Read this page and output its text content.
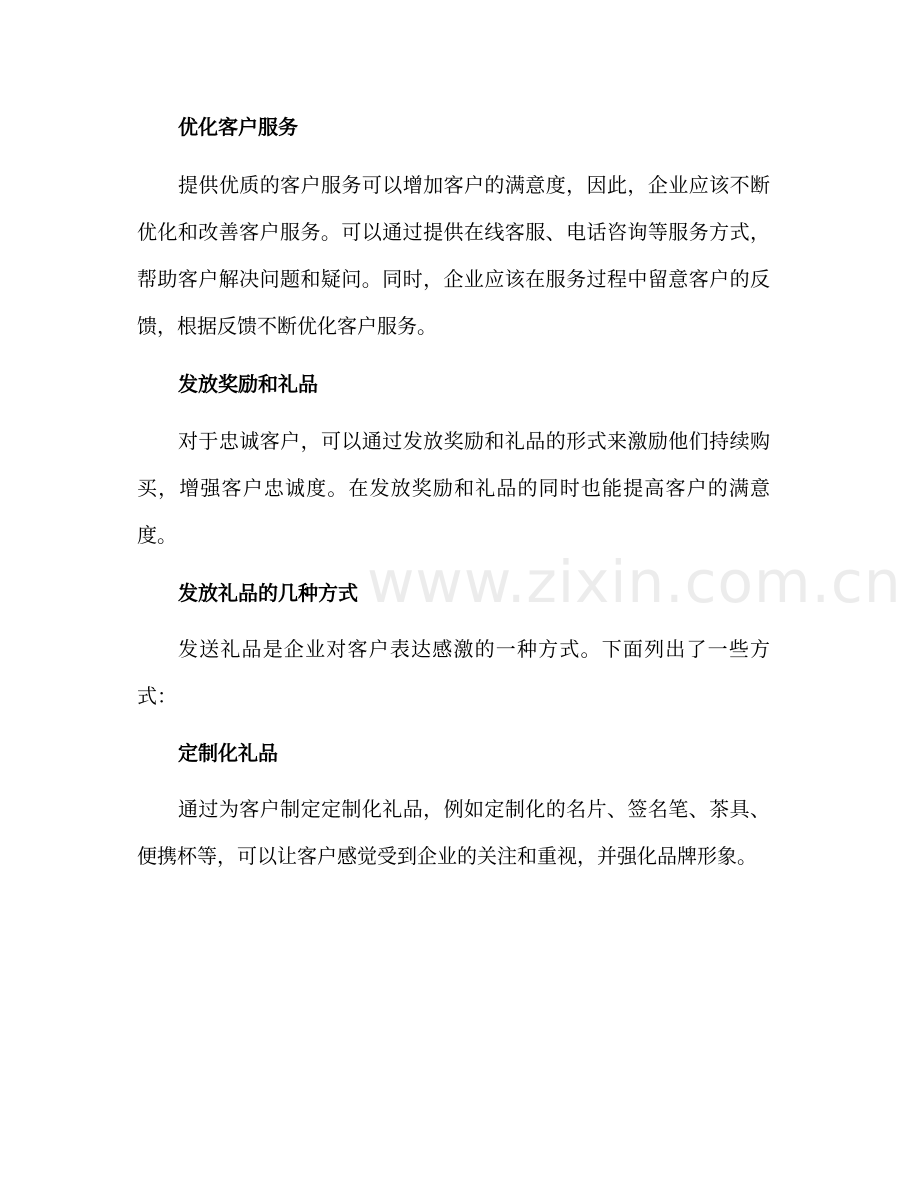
优化客户服务

提供优质的客户服务可以增加客户的满意度，因此，企业应该不断优化和改善客户服务。可以通过提供在线客服、电话咨询等服务方式，帮助客户解决问题和疑问。同时，企业应该在服务过程中留意客户的反馈，根据反馈不断优化客户服务。

发放奖励和礼品

对于忠诚客户，可以通过发放奖励和礼品的形式来激励他们持续购买，增强客户忠诚度。在发放奖励和礼品的同时也能提高客户的满意度。

发放礼品的几种方式

发送礼品是企业对客户表达感激的一种方式。下面列出了一些方式：

定制化礼品

通过为客户制定定制化礼品，例如定制化的名片、签名笔、茶具、便携杯等，可以让客户感觉受到企业的关注和重视，并强化品牌形象。

www.zixin.com.cn
